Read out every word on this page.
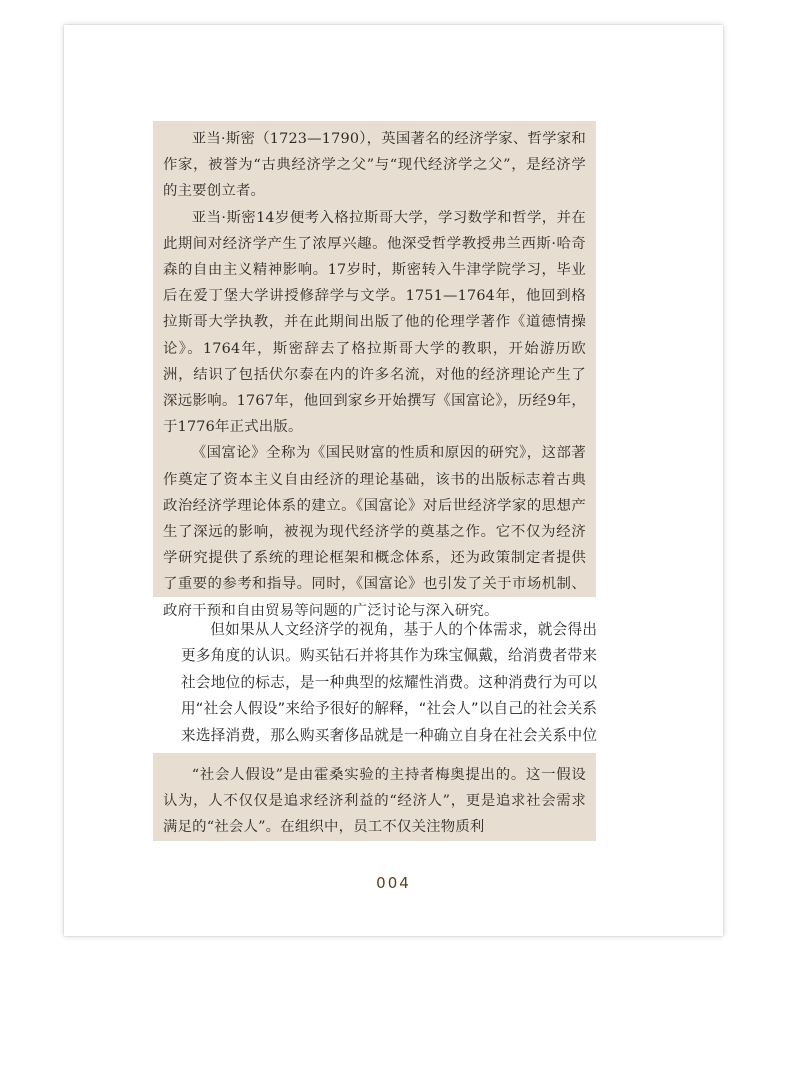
亚当·斯密（1723—1790），英国著名的经济学家、哲学家和作家，被誉为“古典经济学之父”与“现代经济学之父”，是经济学的主要创立者。

亚当·斯密14岁便考入格拉斯哥大学，学习数学和哲学，并在此期间对经济学产生了浓厚兴趣。他深受哲学教授弗兰西斯·哈奇森的自由主义精神影响。17岁时，斯密转入牛津学院学习，毕业后在爱丁堡大学讲授修辞学与文学。1751—1764年，他回到格拉斯哥大学执教，并在此期间出版了他的伦理学著作《道德情操论》。1764年，斯密辞去了格拉斯哥大学的教职，开始游历欧洲，结识了包括伏尔泰在内的许多名流，对他的经济理论产生了深远影响。1767年，他回到家乡开始撰写《国富论》，历经9年，于1776年正式出版。

《国富论》全称为《国民财富的性质和原因的研究》，这部著作奠定了资本主义自由经济的理论基础，该书的出版标志着古典政治经济学理论体系的建立。《国富论》对后世经济学家的思想产生了深远的影响，被视为现代经济学的奠基之作。它不仅为经济学研究提供了系统的理论框架和概念体系，还为政策制定者提供了重要的参考和指导。同时，《国富论》也引发了关于市场机制、政府干预和自由贸易等问题的广泛讨论与深入研究。

但如果从人文经济学的视角，基于人的个体需求，就会得出更多角度的认识。购买钻石并将其作为珠宝佩戴，给消费者带来社会地位的标志，是一种典型的炫耀性消费。这种消费行为可以用“社会人假设”来给予很好的解释，“社会人”以自己的社会关系来选择消费，那么购买奢侈品就是一种确立自身在社会关系中位

“社会人假设”是由霍桑实验的主持者梅奥提出的。这一假设认为，人不仅仅是追求经济利益的“经济人”，更是追求社会需求满足的“社会人”。在组织中，员工不仅关注物质利

004
